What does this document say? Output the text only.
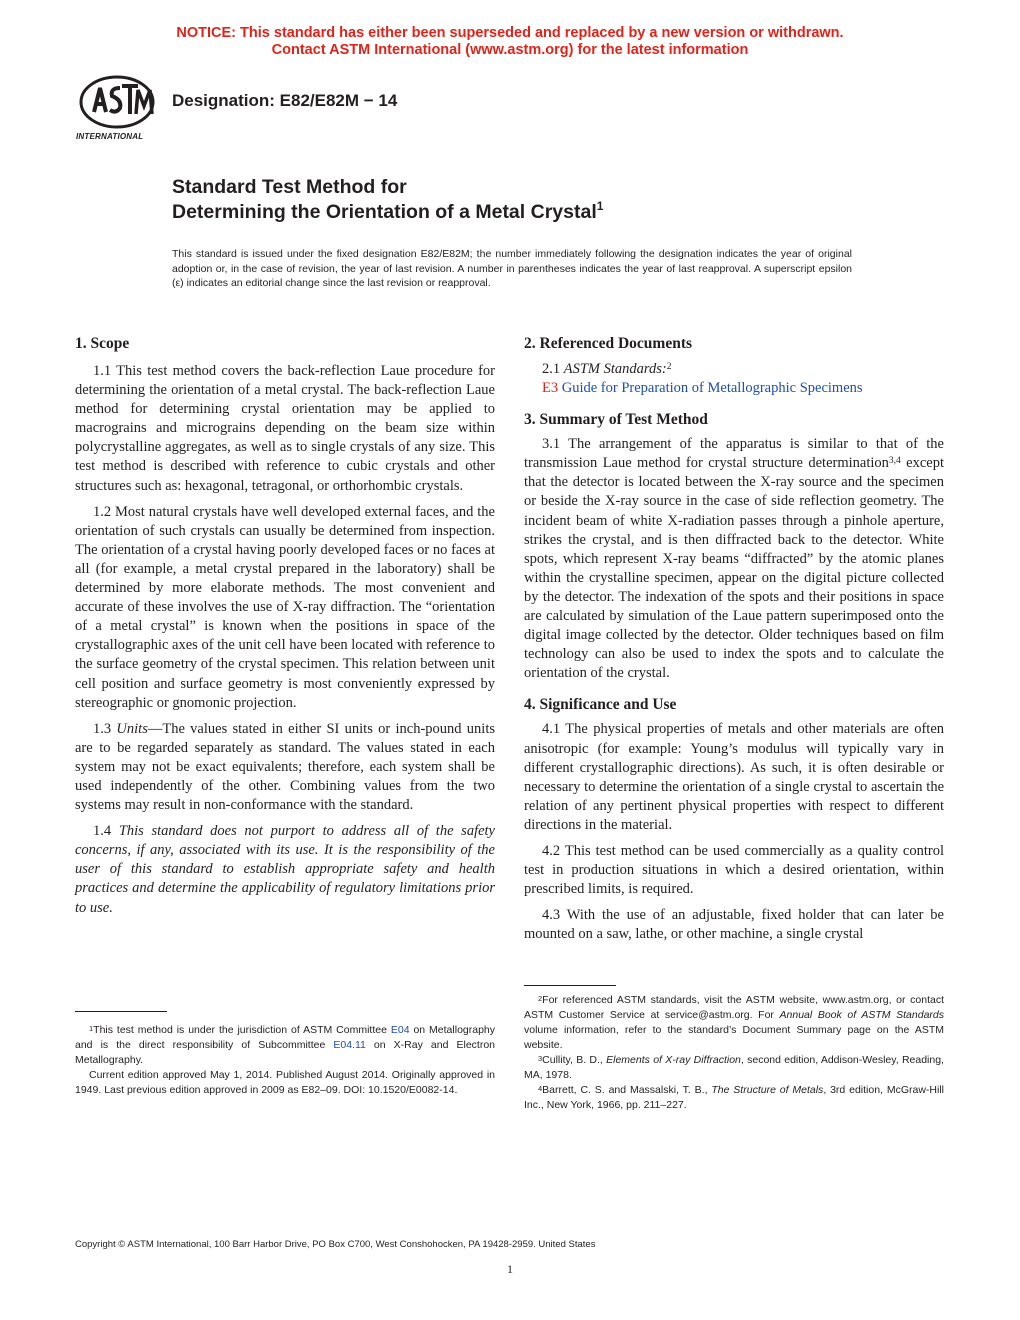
NOTICE: This standard has either been superseded and replaced by a new version or withdrawn.
Contact ASTM International (www.astm.org) for the latest information
INTERNATIONAL
Designation: E82/E82M − 14
Standard Test Method for
Determining the Orientation of a Metal Crystal$^1$
This standard is issued under the fixed designation E82/E82M; the number immediately following the designation indicates the year of original adoption or, in the case of revision, the year of last revision. A number in parentheses indicates the year of last reapproval. A superscript epsilon (ε) indicates an editorial change since the last revision or reapproval.
1. Scope

1.1 This test method covers the back-reflection Laue procedure for determining the orientation of a metal crystal. The back-reflection Laue method for determining crystal orientation may be applied to macrograins and micrograins depending on the beam size within polycrystalline aggregates, as well as to single crystals of any size. This test method is described with reference to cubic crystals and other structures such as: hexagonal, tetragonal, or orthorhombic crystals.

1.2 Most natural crystals have well developed external faces, and the orientation of such crystals can usually be determined from inspection. The orientation of a crystal having poorly developed faces or no faces at all (for example, a metal crystal prepared in the laboratory) shall be determined by more elaborate methods. The most convenient and accurate of these involves the use of X-ray diffraction. The “orientation of a metal crystal” is known when the positions in space of the crystallographic axes of the unit cell have been located with reference to the surface geometry of the crystal specimen. This relation between unit cell position and surface geometry is most conveniently expressed by stereographic or gnomonic projection.

1.3 Units—The values stated in either SI units or inch-pound units are to be regarded separately as standard. The values stated in each system may not be exact equivalents; therefore, each system shall be used independently of the other. Combining values from the two systems may result in non-conformance with the standard.

1.4 This standard does not purport to address all of the safety concerns, if any, associated with its use. It is the responsibility of the user of this standard to establish appropriate safety and health practices and determine the applicability of regulatory limitations prior to use.

$^1$This test method is under the jurisdiction of ASTM Committee E04 on Metallography and is the direct responsibility of Subcommittee E04.11 on X-Ray and Electron Metallography.

Current edition approved May 1, 2014. Published August 2014. Originally approved in 1949. Last previous edition approved in 2009 as E82–09. DOI: 10.1520/E0082-14.

2. Referenced Documents

2.1 ASTM Standards:$^2$

E3 Guide for Preparation of Metallographic Specimens

3. Summary of Test Method

3.1 The arrangement of the apparatus is similar to that of the transmission Laue method for crystal structure determination$^{3,4}$ except that the detector is located between the X-ray source and the specimen or beside the X-ray source in the case of side reflection geometry. The incident beam of white X-radiation passes through a pinhole aperture, strikes the crystal, and is then diffracted back to the detector. White spots, which represent X-ray beams “diffracted” by the atomic planes within the crystalline specimen, appear on the digital picture collected by the detector. The indexation of the spots and their positions in space are calculated by simulation of the Laue pattern superimposed onto the digital image collected by the detector. Older techniques based on film technology can also be used to index the spots and to calculate the orientation of the crystal.

4. Significance and Use

4.1 The physical properties of metals and other materials are often anisotropic (for example: Young’s modulus will typically vary in different crystallographic directions). As such, it is often desirable or necessary to determine the orientation of a single crystal to ascertain the relation of any pertinent physical properties with respect to different directions in the material.

4.2 This test method can be used commercially as a quality control test in production situations in which a desired orientation, within prescribed limits, is required.

4.3 With the use of an adjustable, fixed holder that can later be mounted on a saw, lathe, or other machine, a single crystal

$^2$For referenced ASTM standards, visit the ASTM website, www.astm.org, or contact ASTM Customer Service at service@astm.org. For Annual Book of ASTM Standards volume information, refer to the standard’s Document Summary page on the ASTM website.

$^3$Cullity, B. D., Elements of X-ray Diffraction, second edition, Addison-Wesley, Reading, MA, 1978.

$^4$Barrett, C. S. and Massalski, T. B., The Structure of Metals, 3rd edition, McGraw-Hill Inc., New York, 1966, pp. 211–227.

Copyright © ASTM International, 100 Barr Harbor Drive, PO Box C700, West Conshohocken, PA 19428-2959. United States
1
